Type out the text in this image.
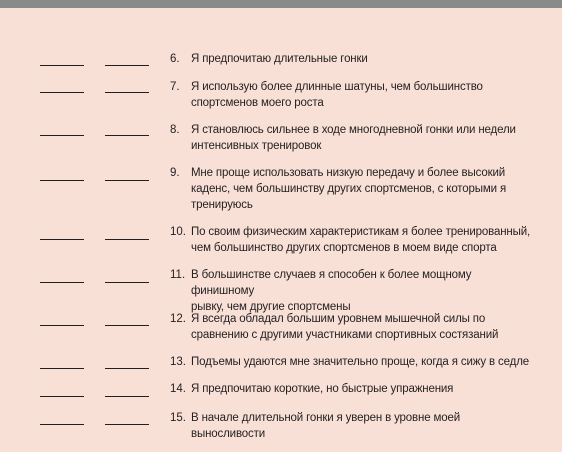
6. Я предпочитаю длительные гонки
7. Я использую более длинные шатуны, чем большинство
спортсменов моего роста
8. Я становлюсь сильнее в ходе многодневной гонки или недели
интенсивных тренировок
9. Мне проще использовать низкую передачу и более высокий
каденс, чем большинству других спортсменов, с которыми я
тренируюсь
10. По своим физическим характеристикам я более тренированный,
чем большинство других спортсменов в моем виде спорта
11. В большинстве случаев я способен к более мощному финишному
рывку, чем другие спортсмены
12. Я всегда обладал большим уровнем мышечной силы по
сравнению с другими участниками спортивных состязаний
13. Подъемы удаются мне значительно проще, когда я сижу в седле
14. Я предпочитаю короткие, но быстрые упражнения
15. В начале длительной гонки я уверен в уровне моей выносливости
